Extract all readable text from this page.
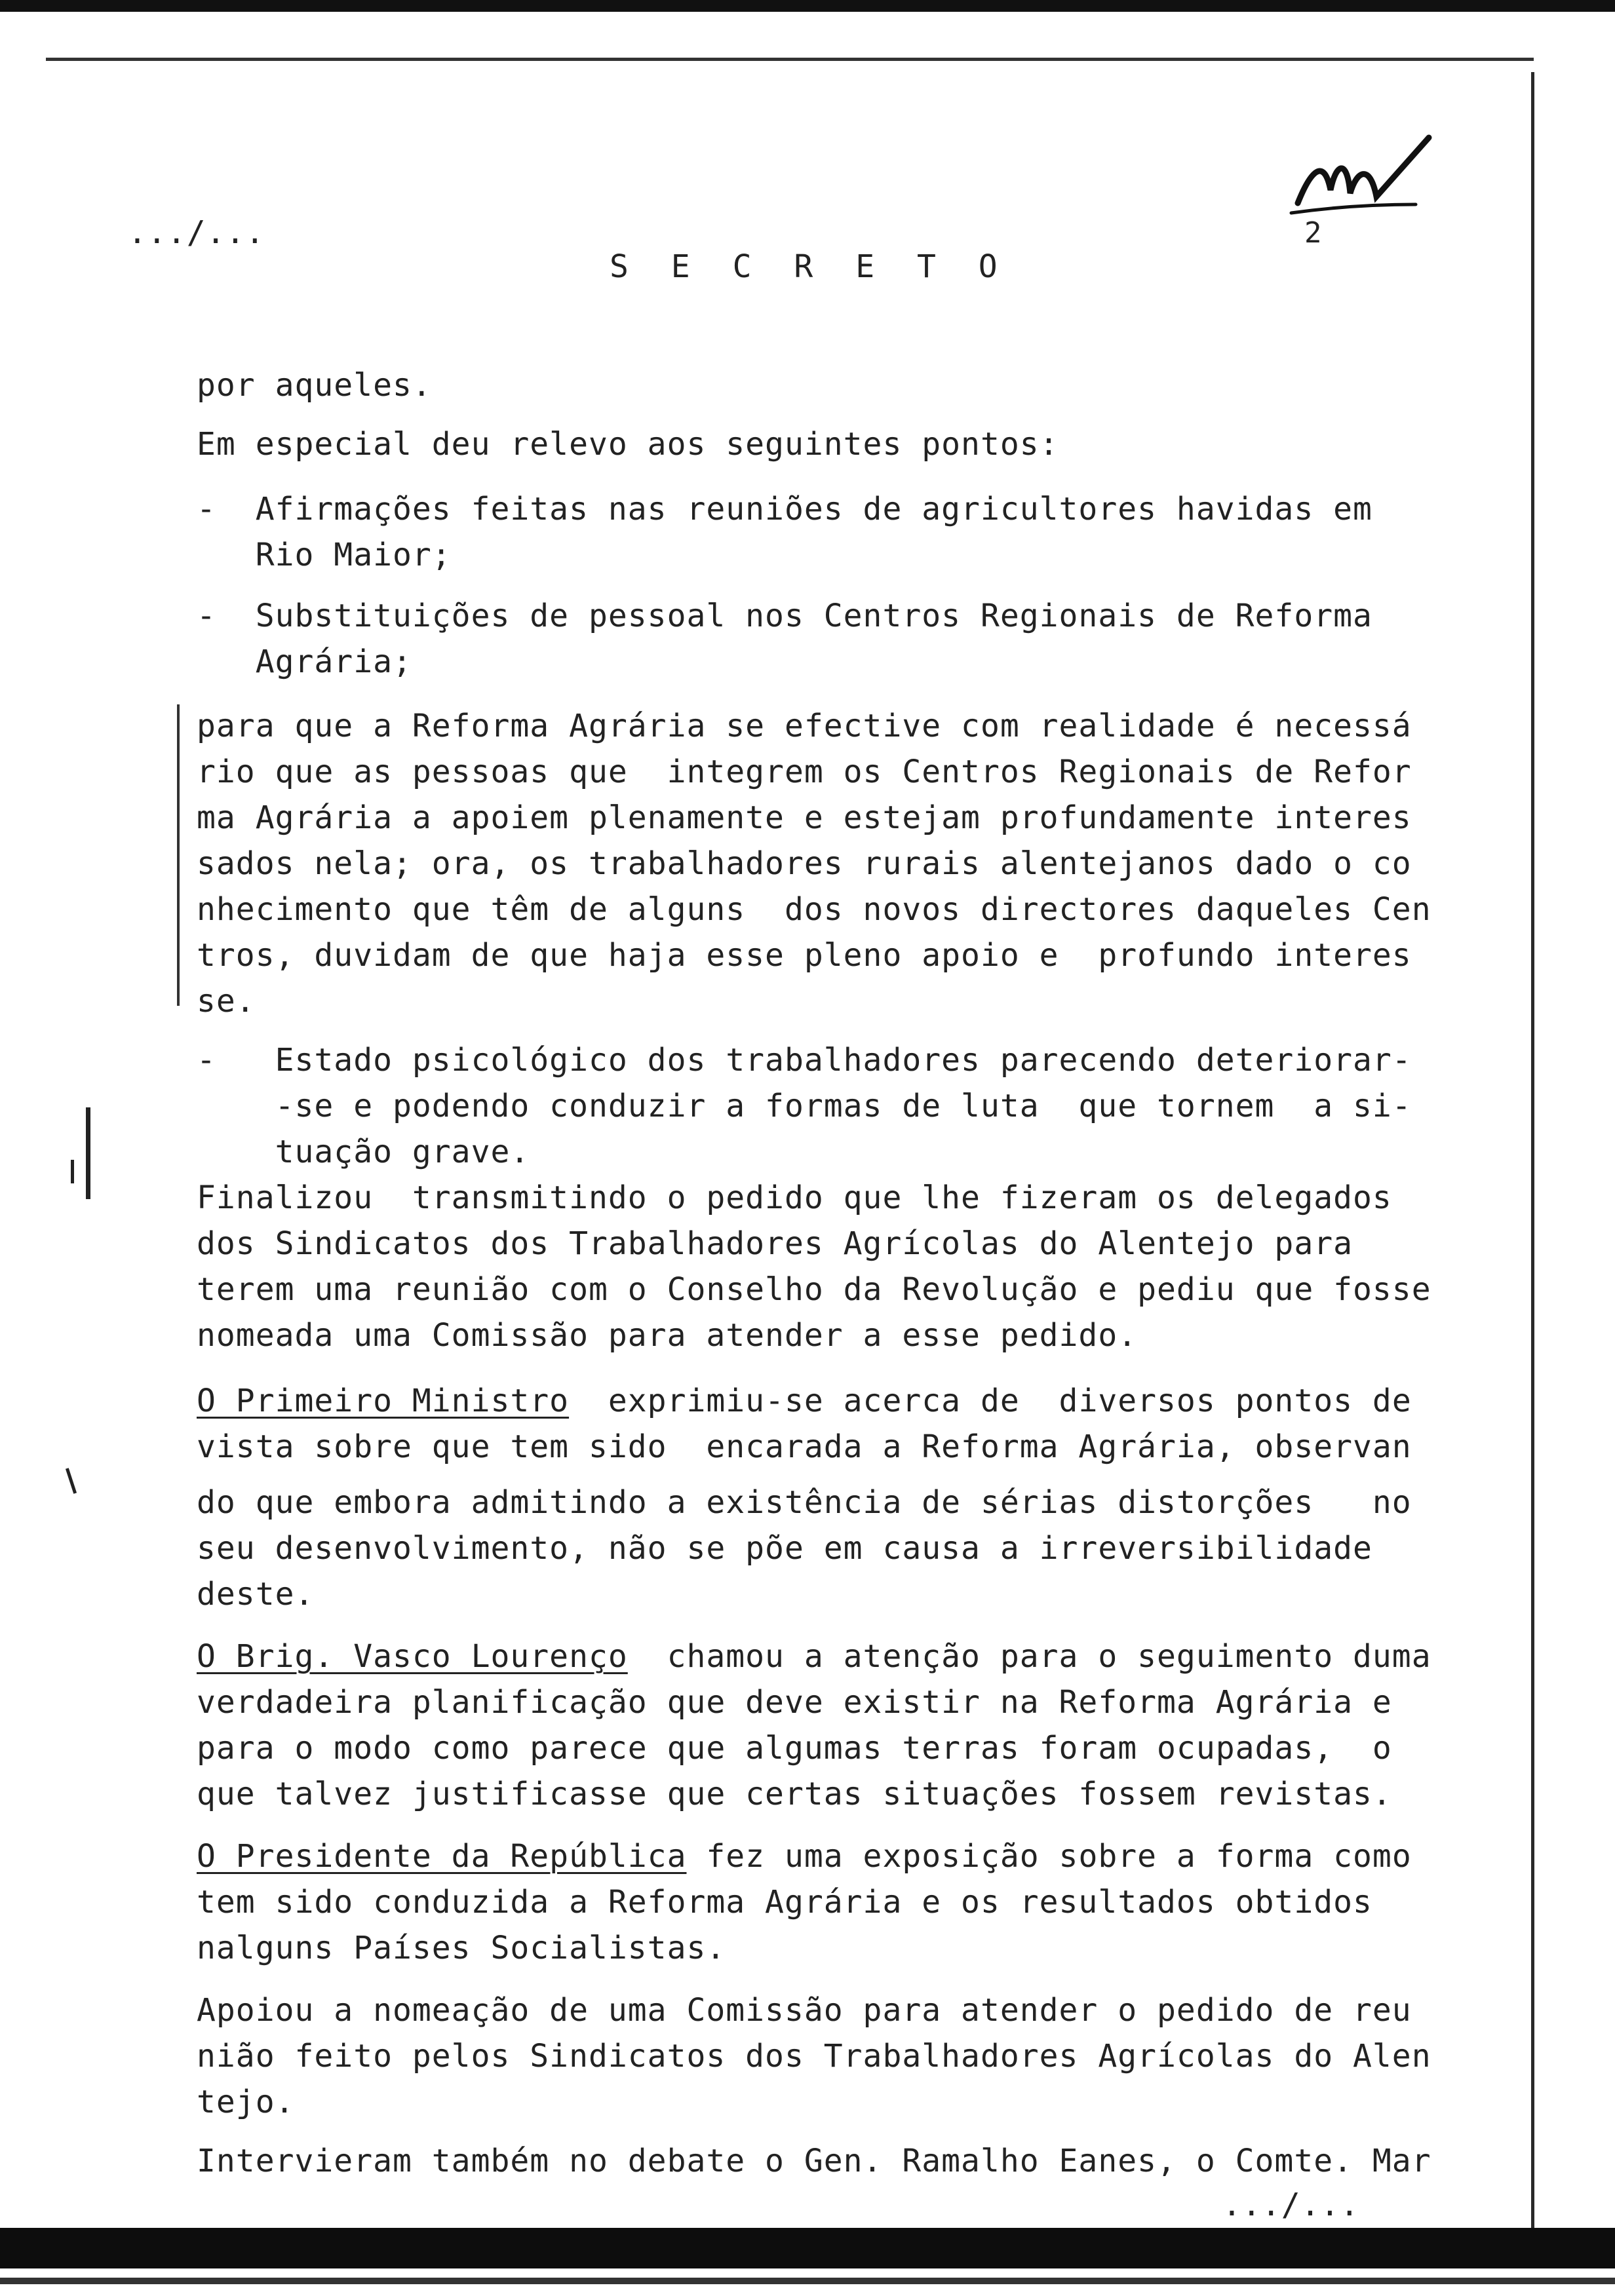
2

.../...

S E C R E T O

por aqueles.

Em especial deu relevo aos seguintes pontos:

-  Afirmações feitas nas reuniões de agricultores havidas em

Rio Maior;

-  Substituições de pessoal nos Centros Regionais de Reforma

Agrária;

para que a Reforma Agrária se efective com realidade é necessá

rio que as pessoas que  integrem os Centros Regionais de Refor

ma Agrária a apoiem plenamente e estejam profundamente interes

sados nela; ora, os trabalhadores rurais alentejanos dado o co

nhecimento que têm de alguns  dos novos directores daqueles Cen

tros, duvidam de que haja esse pleno apoio e  profundo interes

se.

-   Estado psicológico dos trabalhadores parecendo deteriorar-

-se e podendo conduzir a formas de luta  que tornem  a si-

tuação grave.

Finalizou  transmitindo o pedido que lhe fizeram os delegados

dos Sindicatos dos Trabalhadores Agrícolas do Alentejo para

terem uma reunião com o Conselho da Revolução e pediu que fosse

nomeada uma Comissão para atender a esse pedido.

O Primeiro Ministro  exprimiu-se acerca de  diversos pontos de

vista sobre que tem sido  encarada a Reforma Agrária, observan

do que embora admitindo a existência de sérias distorções   no

seu desenvolvimento, não se põe em causa a irreversibilidade

deste.

O Brig. Vasco Lourenço  chamou a atenção para o seguimento duma

verdadeira planificação que deve existir na Reforma Agrária e

para o modo como parece que algumas terras foram ocupadas,  o

que talvez justificasse que certas situações fossem revistas.

O Presidente da República fez uma exposição sobre a forma como

tem sido conduzida a Reforma Agrária e os resultados obtidos

nalguns Países Socialistas.

Apoiou a nomeação de uma Comissão para atender o pedido de reu

nião feito pelos Sindicatos dos Trabalhadores Agrícolas do Alen

tejo.

Intervieram também no debate o Gen. Ramalho Eanes, o Comte. Mar

.../...
